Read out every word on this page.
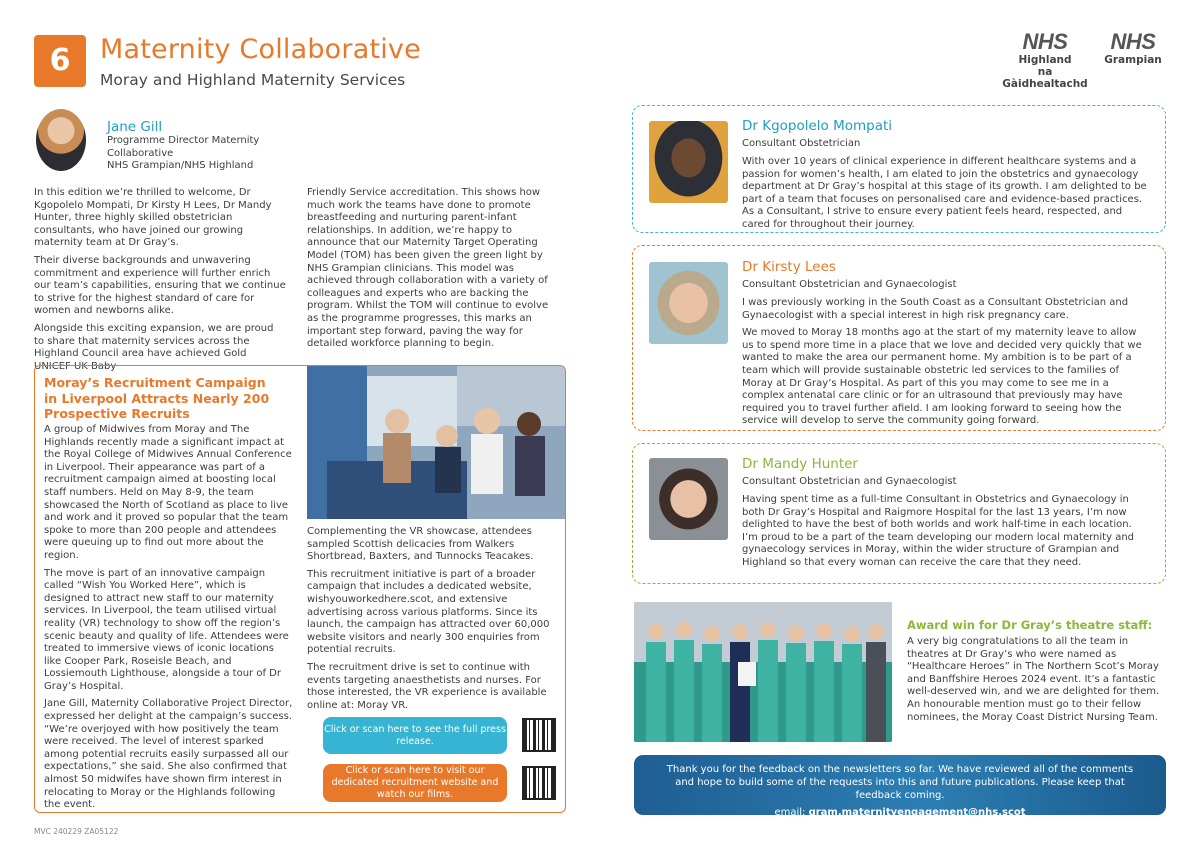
6	Maternity Collaborative
Moray and Highland Maternity Services
NHS
Highland
na Gàidhealtachd
NHS
Grampian
Jane Gill
Programme Director Maternity
Collaborative
NHS Grampian/NHS Highland

In this edition we’re thrilled to welcome, Dr Kgopolelo Mompati, Dr Kirsty H Lees, Dr Mandy Hunter, three highly skilled obstetrician consultants, who have joined our growing maternity team at Dr Gray’s.

Their diverse backgrounds and unwavering commitment and experience will further enrich our team’s capabilities, ensuring that we continue to strive for the highest standard of care for women and newborns alike.

Alongside this exciting expansion, we are proud to share that maternity services across the Highland Council area have achieved Gold UNICEF UK Baby

Friendly Service accreditation. This shows how much work the teams have done to promote breastfeeding and nurturing parent-infant relationships. In addition, we’re happy to announce that our Maternity Target Operating Model (TOM) has been given the green light by NHS Grampian clinicians. This model was achieved through collaboration with a variety of colleagues and experts who are backing the program. Whilst the TOM will continue to evolve as the programme progresses, this marks an important step forward, paving the way for detailed workforce planning to begin.

Moray’s Recruitment Campaign
in Liverpool Attracts Nearly 200
Prospective Recruits

A group of Midwives from Moray and The Highlands recently made a significant impact at the Royal College of Midwives Annual Conference in Liverpool. Their appearance was part of a recruitment campaign aimed at boosting local staff numbers. Held on May 8-9, the team showcased the North of Scotland as place to live and work and it proved so popular that the team spoke to more than 200 people and attendees were queuing up to find out more about the region.

The move is part of an innovative campaign called “Wish You Worked Here”, which is designed to attract new staff to our maternity services. In Liverpool, the team utilised virtual reality (VR) technology to show off the region’s scenic beauty and quality of life. Attendees were treated to immersive views of iconic locations like Cooper Park, Roseisle Beach, and Lossiemouth Lighthouse, alongside a tour of Dr Gray’s Hospital.

Jane Gill, Maternity Collaborative Project Director, expressed her delight at the campaign’s success. “We’re overjoyed with how positively the team were received. The level of interest sparked among potential recruits easily surpassed all our expectations,” she said. She also confirmed that almost 50 midwifes have shown firm interest in relocating to Moray or the Highlands following the event.

Complementing the VR showcase, attendees sampled Scottish delicacies from Walkers Shortbread, Baxters, and Tunnocks Teacakes.

This recruitment initiative is part of a broader campaign that includes a dedicated website, wishyouworkedhere.scot, and extensive advertising across various platforms. Since its launch, the campaign has attracted over 60,000 website visitors and nearly 300 enquiries from potential recruits.

The recruitment drive is set to continue with events targeting anaesthetists and nurses. For those interested, the VR experience is available online at: Moray VR.

Click or scan here to see the full press release.
Click or scan here to visit our dedicated recruitment website and watch our films.
Dr Kgopolelo Mompati
Consultant Obstetrician

With over 10 years of clinical experience in different healthcare systems and a passion for women’s health, I am elated to join the obstetrics and gynaecology department at Dr Gray’s hospital at this stage of its growth. I am delighted to be part of a team that focuses on personalised care and evidence-based practices. As a Consultant, I strive to ensure every patient feels heard, respected, and cared for throughout their journey.

Dr Kirsty Lees
Consultant Obstetrician and Gynaecologist

I was previously working in the South Coast as a Consultant Obstetrician and Gynaecologist with a special interest in high risk pregnancy care.

We moved to Moray 18 months ago at the start of my maternity leave to allow us to spend more time in a place that we love and decided very quickly that we wanted to make the area our permanent home. My ambition is to be part of a team which will provide sustainable obstetric led services to the families of Moray at Dr Gray’s Hospital. As part of this you may come to see me in a complex antenatal care clinic or for an ultrasound that previously may have required you to travel further afield. I am looking forward to seeing how the service will develop to serve the community going forward.

Dr Mandy Hunter
Consultant Obstetrician and Gynaecologist

Having spent time as a full-time Consultant in Obstetrics and Gynaecology in both Dr Gray’s Hospital and Raigmore Hospital for the last 13 years, I’m now delighted to have the best of both worlds and work half-time in each location. I’m proud to be a part of the team developing our modern local maternity and gynaecology services in Moray, within the wider structure of Grampian and Highland so that every woman can receive the care that they need.

Award win for Dr Gray’s theatre staff:

A very big congratulations to all the team in theatres at Dr Gray’s who were named as “Healthcare Heroes” in The Northern Scot’s Moray and Banffshire Heroes 2024 event. It’s a fantastic well-deserved win, and we are delighted for them. An honourable mention must go to their fellow nominees, the Moray Coast District Nursing Team.

Thank you for the feedback on the newsletters so far. We have reviewed all of the comments and hope to build some of the requests into this and future publications. Please keep that feedback coming.

email: gram.maternityengagement@nhs.scot

MVC 240229 ZA05122
